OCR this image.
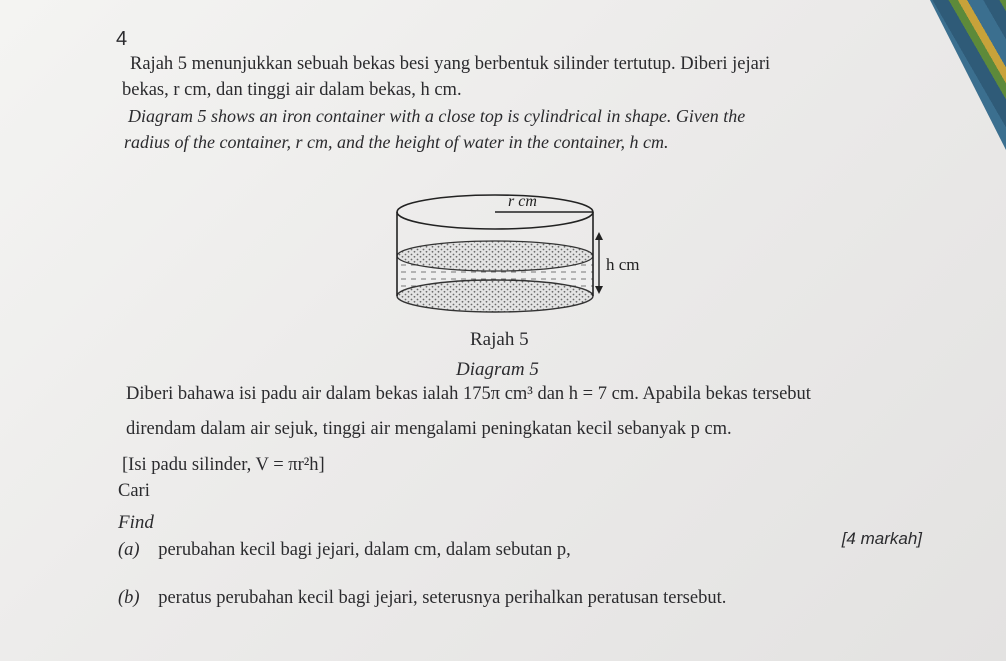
4
Rajah 5 menunjukkan sebuah bekas besi yang berbentuk silinder tertutup. Diberi jejari
bekas, r cm, dan tinggi air dalam bekas, h cm.
Diagram 5 shows an iron container with a close top is cylindrical in shape. Given the
radius of the container, r cm, and the height of water in the container, h cm.
r cm
h cm
Rajah 5
Diagram 5
Diberi bahawa isi padu air dalam bekas ialah 175π cm³ dan h = 7 cm. Apabila bekas tersebut
direndam dalam air sejuk, tinggi air mengalami peningkatan kecil sebanyak p cm.
[Isi padu silinder, V = πr²h]
Cari
Find
(a) perubahan kecil bagi jejari, dalam cm, dalam sebutan p,
[4 markah]
(b) peratus perubahan kecil bagi jejari, seterusnya perihalkan peratusan tersebut.
